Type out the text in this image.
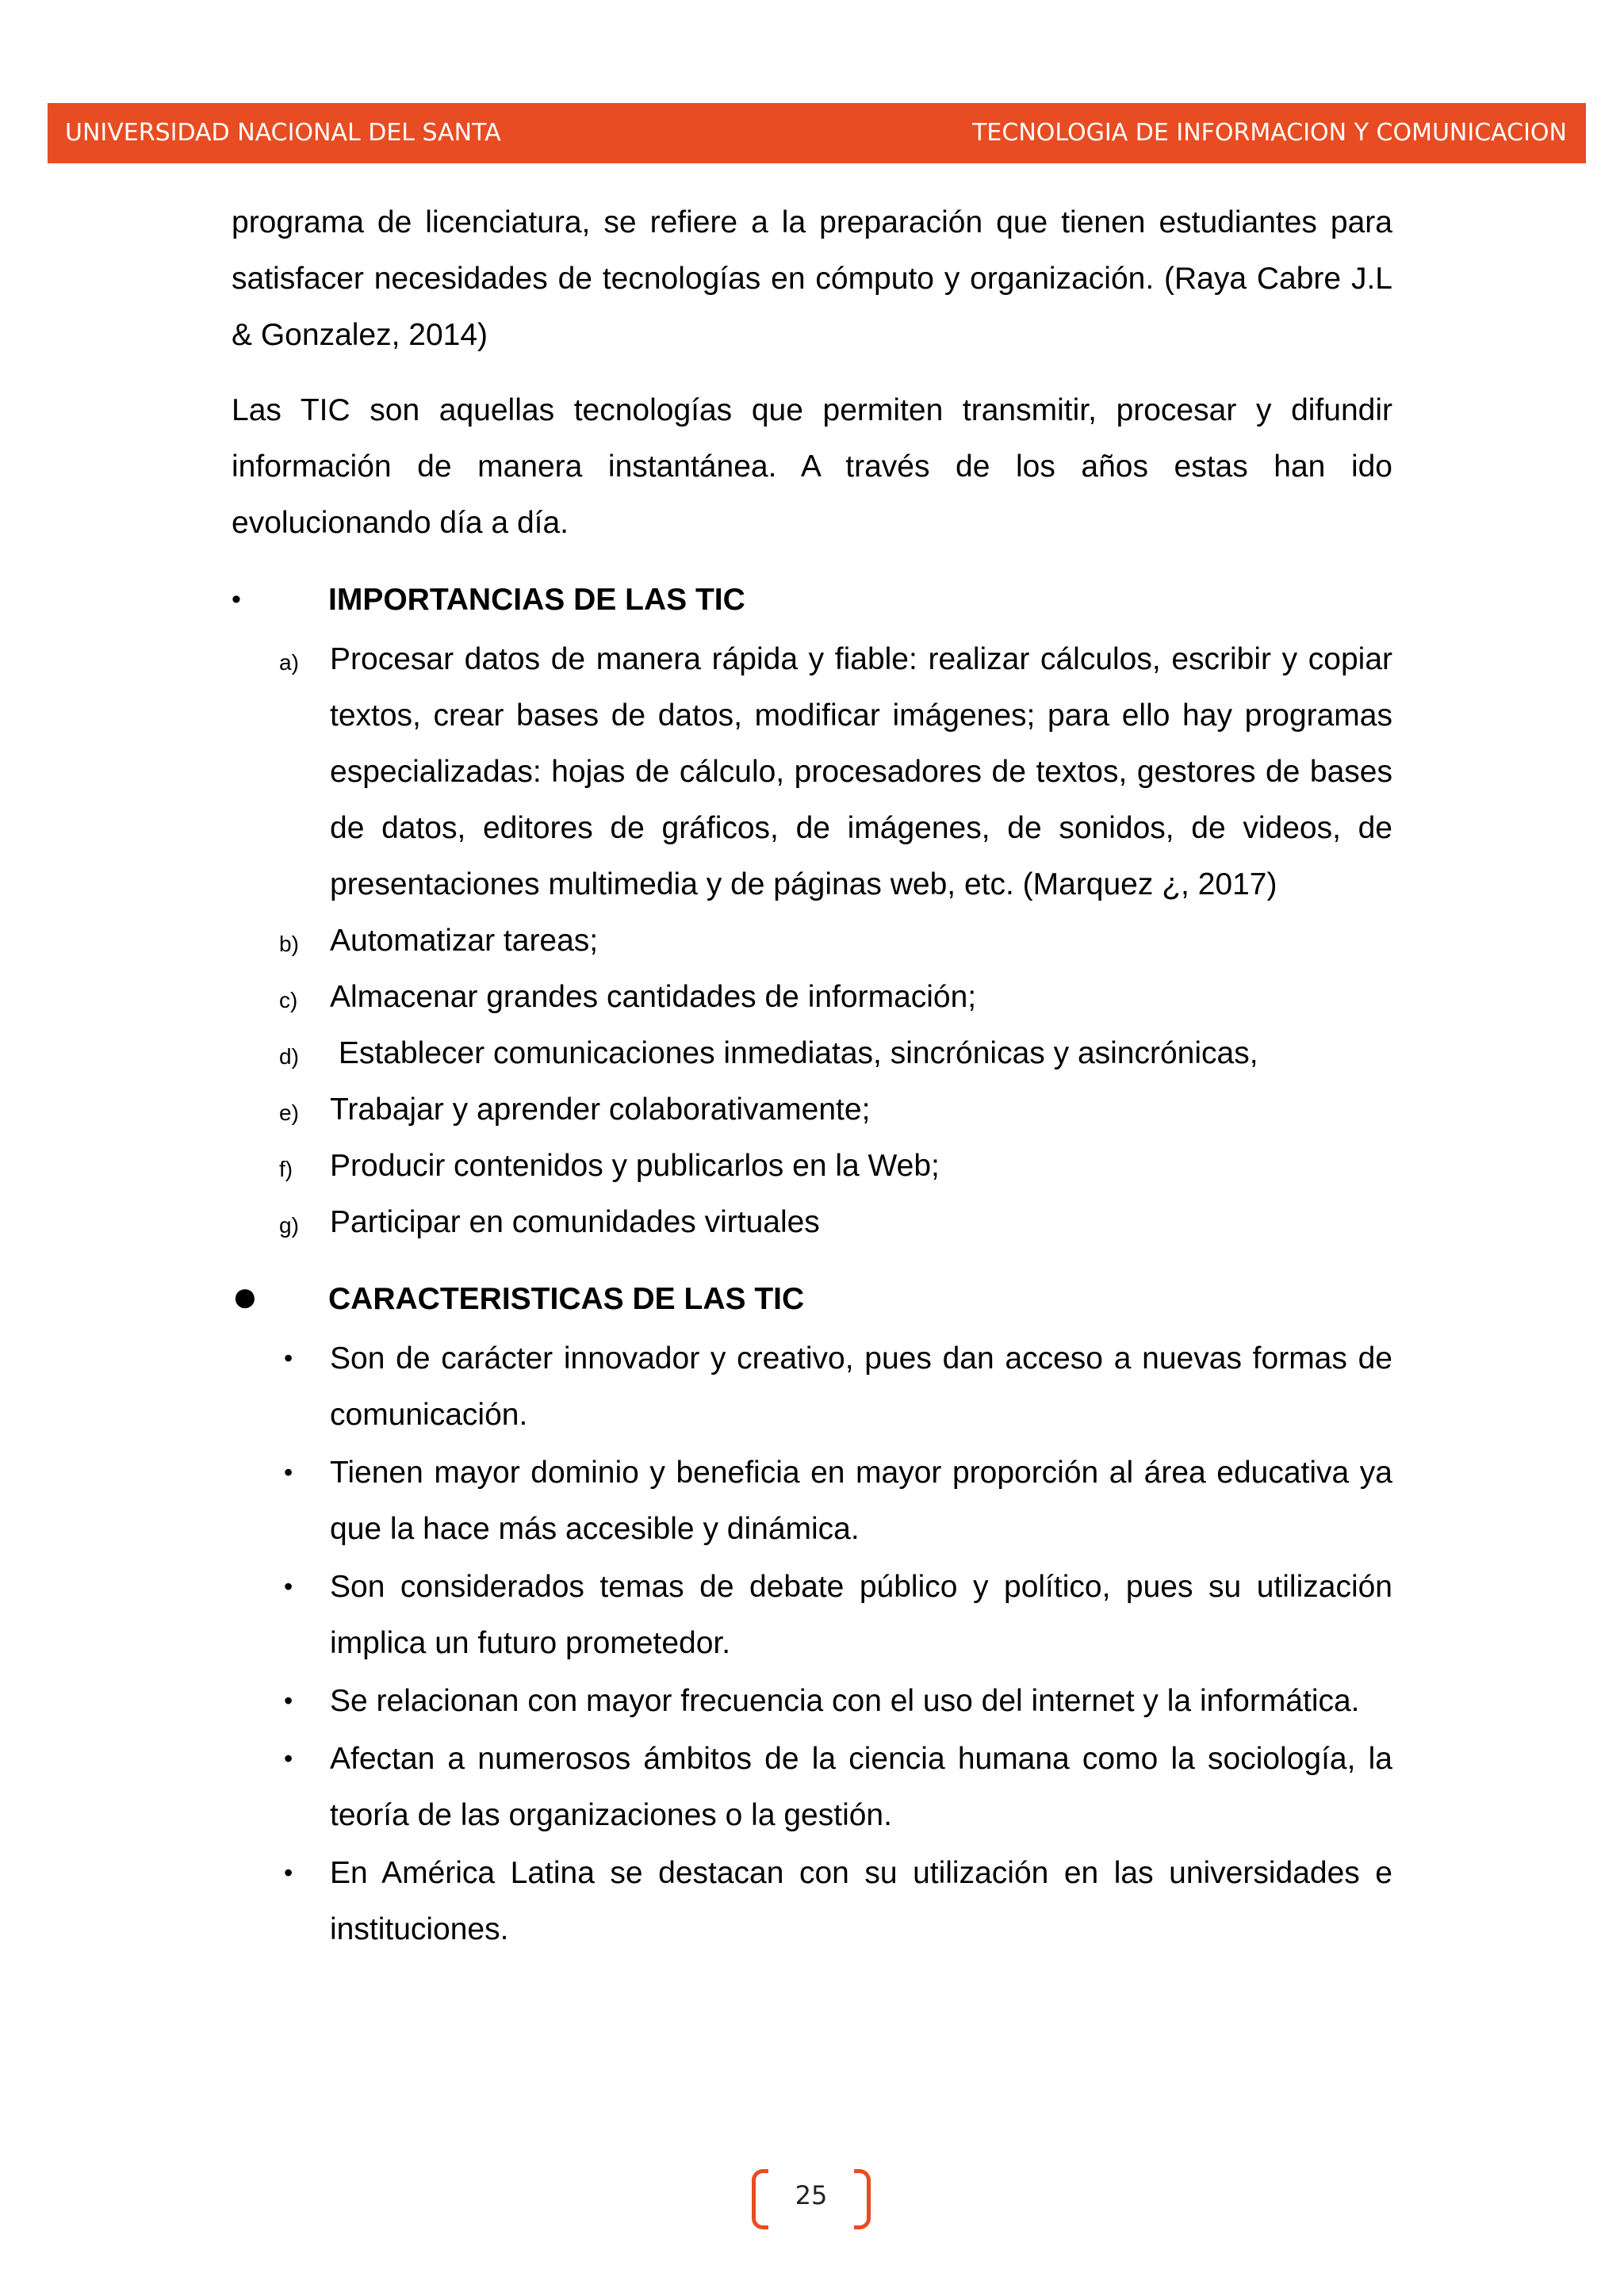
UNIVERSIDAD NACIONAL DEL SANTA	TECNOLOGIA DE INFORMACION Y COMUNICACION

programa de licenciatura, se refiere a la preparación que tienen estudiantes para satisfacer necesidades de tecnologías en cómputo y organización. (Raya Cabre J.L & Gonzalez, 2014)

Las TIC son aquellas tecnologías que permiten transmitir, procesar y difundir información de manera instantánea. A través de los años estas han ido evolucionando día a día.

•	IMPORTANCIAS DE LAS TIC
a) Procesar datos de manera rápida y fiable: realizar cálculos, escribir y copiar textos, crear bases de datos, modificar imágenes; para ello hay programas especializadas: hojas de cálculo, procesadores de textos, gestores de bases de datos, editores de gráficos, de imágenes, de sonidos, de videos, de presentaciones multimedia y de páginas web, etc. (Marquez ¿, 2017)
b) Automatizar tareas;
c) Almacenar grandes cantidades de información;
d) Establecer comunicaciones inmediatas, sincrónicas y asincrónicas,
e) Trabajar y aprender colaborativamente;
f) Producir contenidos y publicarlos en la Web;
g) Participar en comunidades virtuales
● CARACTERISTICAS DE LAS TIC
• Son de carácter innovador y creativo, pues dan acceso a nuevas formas de comunicación.
• Tienen mayor dominio y beneficia en mayor proporción al área educativa ya que la hace más accesible y dinámica.
• Son considerados temas de debate público y político, pues su utilización implica un futuro prometedor.
• Se relacionan con mayor frecuencia con el uso del internet y la informática.
• Afectan a numerosos ámbitos de la ciencia humana como la sociología, la teoría de las organizaciones o la gestión.
• En América Latina se destacan con su utilización en las universidades e instituciones.
25
